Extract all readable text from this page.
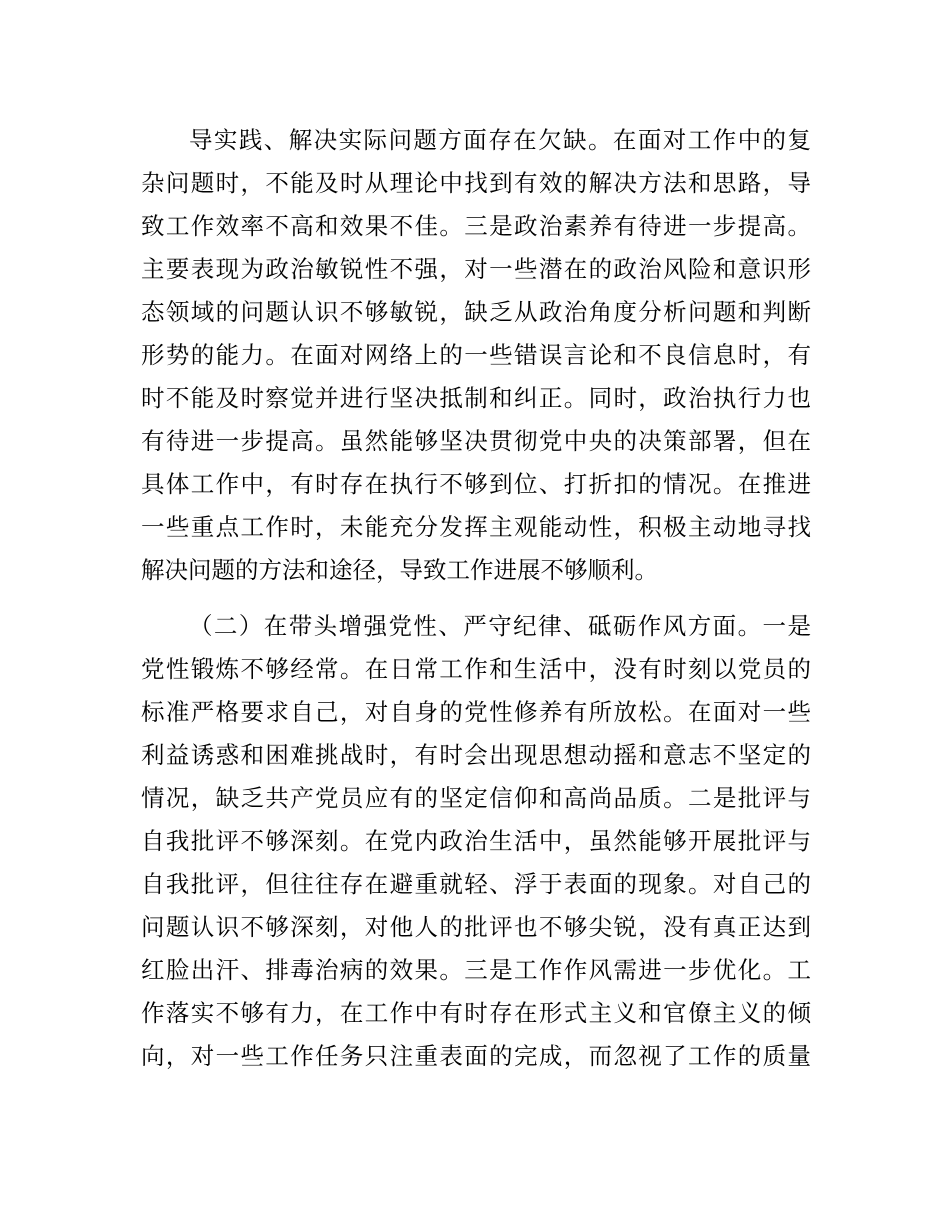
导实践、解决实际问题方面存在欠缺。在面对工作中的复
杂问题时，不能及时从理论中找到有效的解决方法和思路，导
致工作效率不高和效果不佳。三是政治素养有待进一步提高。
主要表现为政治敏锐性不强，对一些潜在的政治风险和意识形
态领域的问题认识不够敏锐，缺乏从政治角度分析问题和判断
形势的能力。在面对网络上的一些错误言论和不良信息时，有
时不能及时察觉并进行坚决抵制和纠正。同时，政治执行力也
有待进一步提高。虽然能够坚决贯彻党中央的决策部署，但在
具体工作中，有时存在执行不够到位、打折扣的情况。在推进
一些重点工作时，未能充分发挥主观能动性，积极主动地寻找
解决问题的方法和途径，导致工作进展不够顺利。
（二）在带头增强党性、严守纪律、砥砺作风方面。一是
党性锻炼不够经常。在日常工作和生活中，没有时刻以党员的
标准严格要求自己，对自身的党性修养有所放松。在面对一些
利益诱惑和困难挑战时，有时会出现思想动摇和意志不坚定的
情况，缺乏共产党员应有的坚定信仰和高尚品质。二是批评与
自我批评不够深刻。在党内政治生活中，虽然能够开展批评与
自我批评，但往往存在避重就轻、浮于表面的现象。对自己的
问题认识不够深刻，对他人的批评也不够尖锐，没有真正达到
红脸出汗、排毒治病的效果。三是工作作风需进一步优化。工
作落实不够有力，在工作中有时存在形式主义和官僚主义的倾
向，对一些工作任务只注重表面的完成，而忽视了工作的质量
